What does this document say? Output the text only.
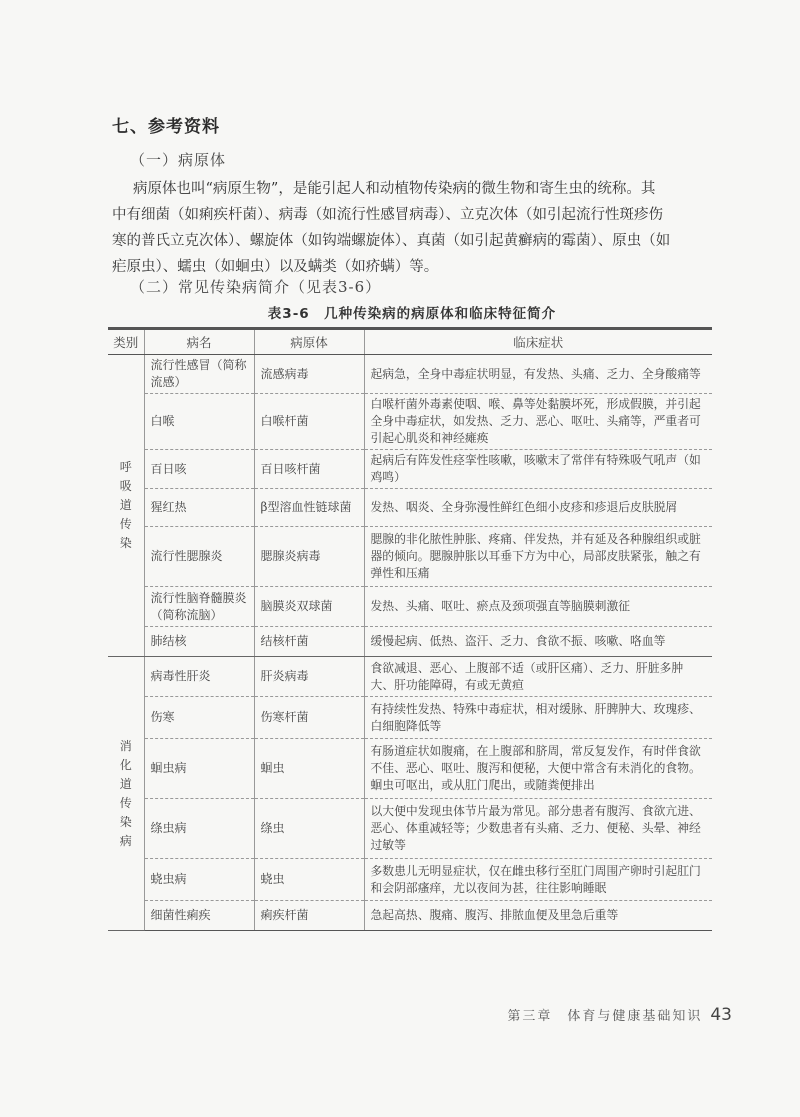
七、参考资料
（一）病原体
病原体也叫“病原生物”，是能引起人和动植物传染病的微生物和寄生虫的统称。其
中有细菌（如痢疾杆菌）、病毒（如流行性感冒病毒）、立克次体（如引起流行性斑疹伤
寒的普氏立克次体）、螺旋体（如钩端螺旋体）、真菌（如引起黄癣病的霉菌）、原虫（如
疟原虫）、蠕虫（如蛔虫）以及螨类（如疥螨）等。
（二）常见传染病简介（见表3-6）
表3-6　几种传染病的病原体和临床特征简介
类别	病名	病原体	临床症状

呼吸道传染	流行性感冒（简称流感）	流感病毒	起病急，全身中毒症状明显，有发热、头痛、乏力、全身酸痛等
	白喉	白喉杆菌	白喉杆菌外毒素使咽、喉、鼻等处黏膜坏死，形成假膜，并引起全身中毒症状，如发热、乏力、恶心、呕吐、头痛等，严重者可引起心肌炎和神经瘫痪
	百日咳	百日咳杆菌	起病后有阵发性痉挛性咳嗽，咳嗽末了常伴有特殊吸气吼声（如鸡鸣）
	猩红热	β型溶血性链球菌	发热、咽炎、全身弥漫性鲜红色细小皮疹和疹退后皮肤脱屑
	流行性腮腺炎	腮腺炎病毒	腮腺的非化脓性肿胀、疼痛、伴发热，并有延及各种腺组织或脏器的倾向。腮腺肿胀以耳垂下方为中心，局部皮肤紧张，触之有弹性和压痛
	流行性脑脊髓膜炎（简称流脑）	脑膜炎双球菌	发热、头痛、呕吐、瘀点及颈项强直等脑膜刺激征
	肺结核	结核杆菌	缓慢起病、低热、盗汗、乏力、食欲不振、咳嗽、咯血等

消化道传染病	病毒性肝炎	肝炎病毒	食欲减退、恶心、上腹部不适（或肝区痛）、乏力、肝脏多肿大、肝功能障碍，有或无黄疸
	伤寒	伤寒杆菌	有持续性发热、特殊中毒症状，相对缓脉、肝脾肿大、玫瑰疹、白细胞降低等
	蛔虫病	蛔虫	有肠道症状如腹痛，在上腹部和脐周，常反复发作，有时伴食欲不佳、恶心、呕吐、腹泻和便秘，大便中常含有未消化的食物。蛔虫可呕出，或从肛门爬出，或随粪便排出
	绦虫病	绦虫	以大便中发现虫体节片最为常见。部分患者有腹泻、食欲亢进、恶心、体重减轻等；少数患者有头痛、乏力、便秘、头晕、神经过敏等
	蛲虫病	蛲虫	多数患儿无明显症状，仅在雌虫移行至肛门周围产卵时引起肛门和会阴部瘙痒，尤以夜间为甚，往往影响睡眠
	细菌性痢疾	痢疾杆菌	急起高热、腹痛、腹泻、排脓血便及里急后重等
第三章　体育与健康基础知识 43
